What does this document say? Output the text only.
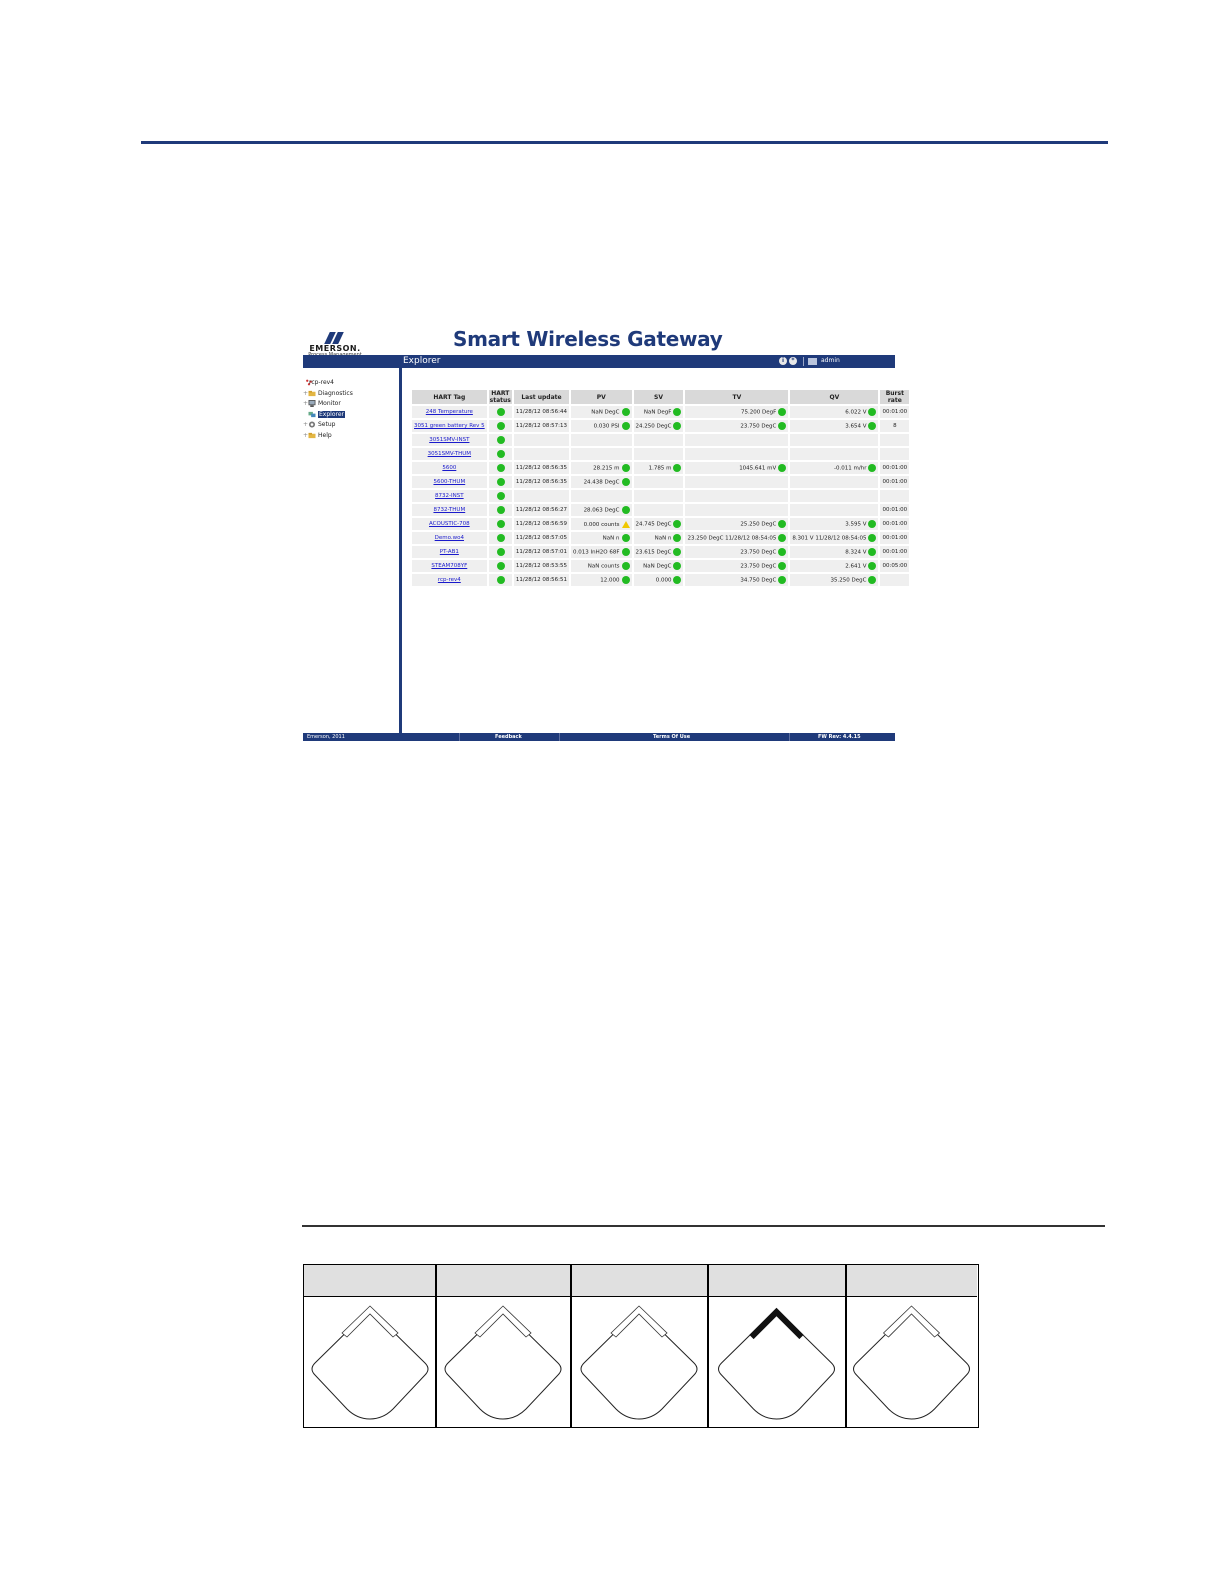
EMERSON.	Smart Wireless Gateway
Explorer	i	*	admin
rcp-rev4
+ Diagnostics
+ Monitor
Explorer
+ Setup
+ Help
HART Tag	HART status	Last update	PV	SV	TV	QV	Burst rate
248 Temperature		11/28/12 08:56:44	NaN DegC	NaN DegF	75.200 DegF	6.022 V	00:01:00
3051 green battery Rev 5		11/28/12 08:57:13	0.030 PSI	24.250 DegC	23.750 DegC	3.654 V	8
3051SMV-INST							
3051SMV-THUM							
5600		11/28/12 08:56:35	28.215 m	1.785 m	1045.641 mV	-0.011 m/hr	00:01:00
5600-THUM		11/28/12 08:56:35	24.438 DegC				00:01:00
8732-INST							
8732-THUM		11/28/12 08:56:27	28.063 DegC				00:01:00
ACOUSTIC-708		11/28/12 08:56:59	0.000 counts	24.745 DegC	25.250 DegC	3.595 V	00:01:00
Demo.wo4		11/28/12 08:57:05	NaN n	NaN n	23.250 DegC 11/28/12 08:54:05	8.301 V 11/28/12 08:54:05	00:01:00
PT-AB1		11/28/12 08:57:01	0.013 InH2O 68F	23.615 DegC	23.750 DegC	8.324 V	00:01:00
STEAM708YF		11/28/12 08:53:55	NaN counts	NaN DegC	23.750 DegC	2.641 V	00:05:00
rcp-rev4		11/28/12 08:56:51	12.000	0.000	34.750 DegC	35.250 DegC	
Emerson, 2011	Feedback	Terms Of Use	FW Rev: 4.4.15
